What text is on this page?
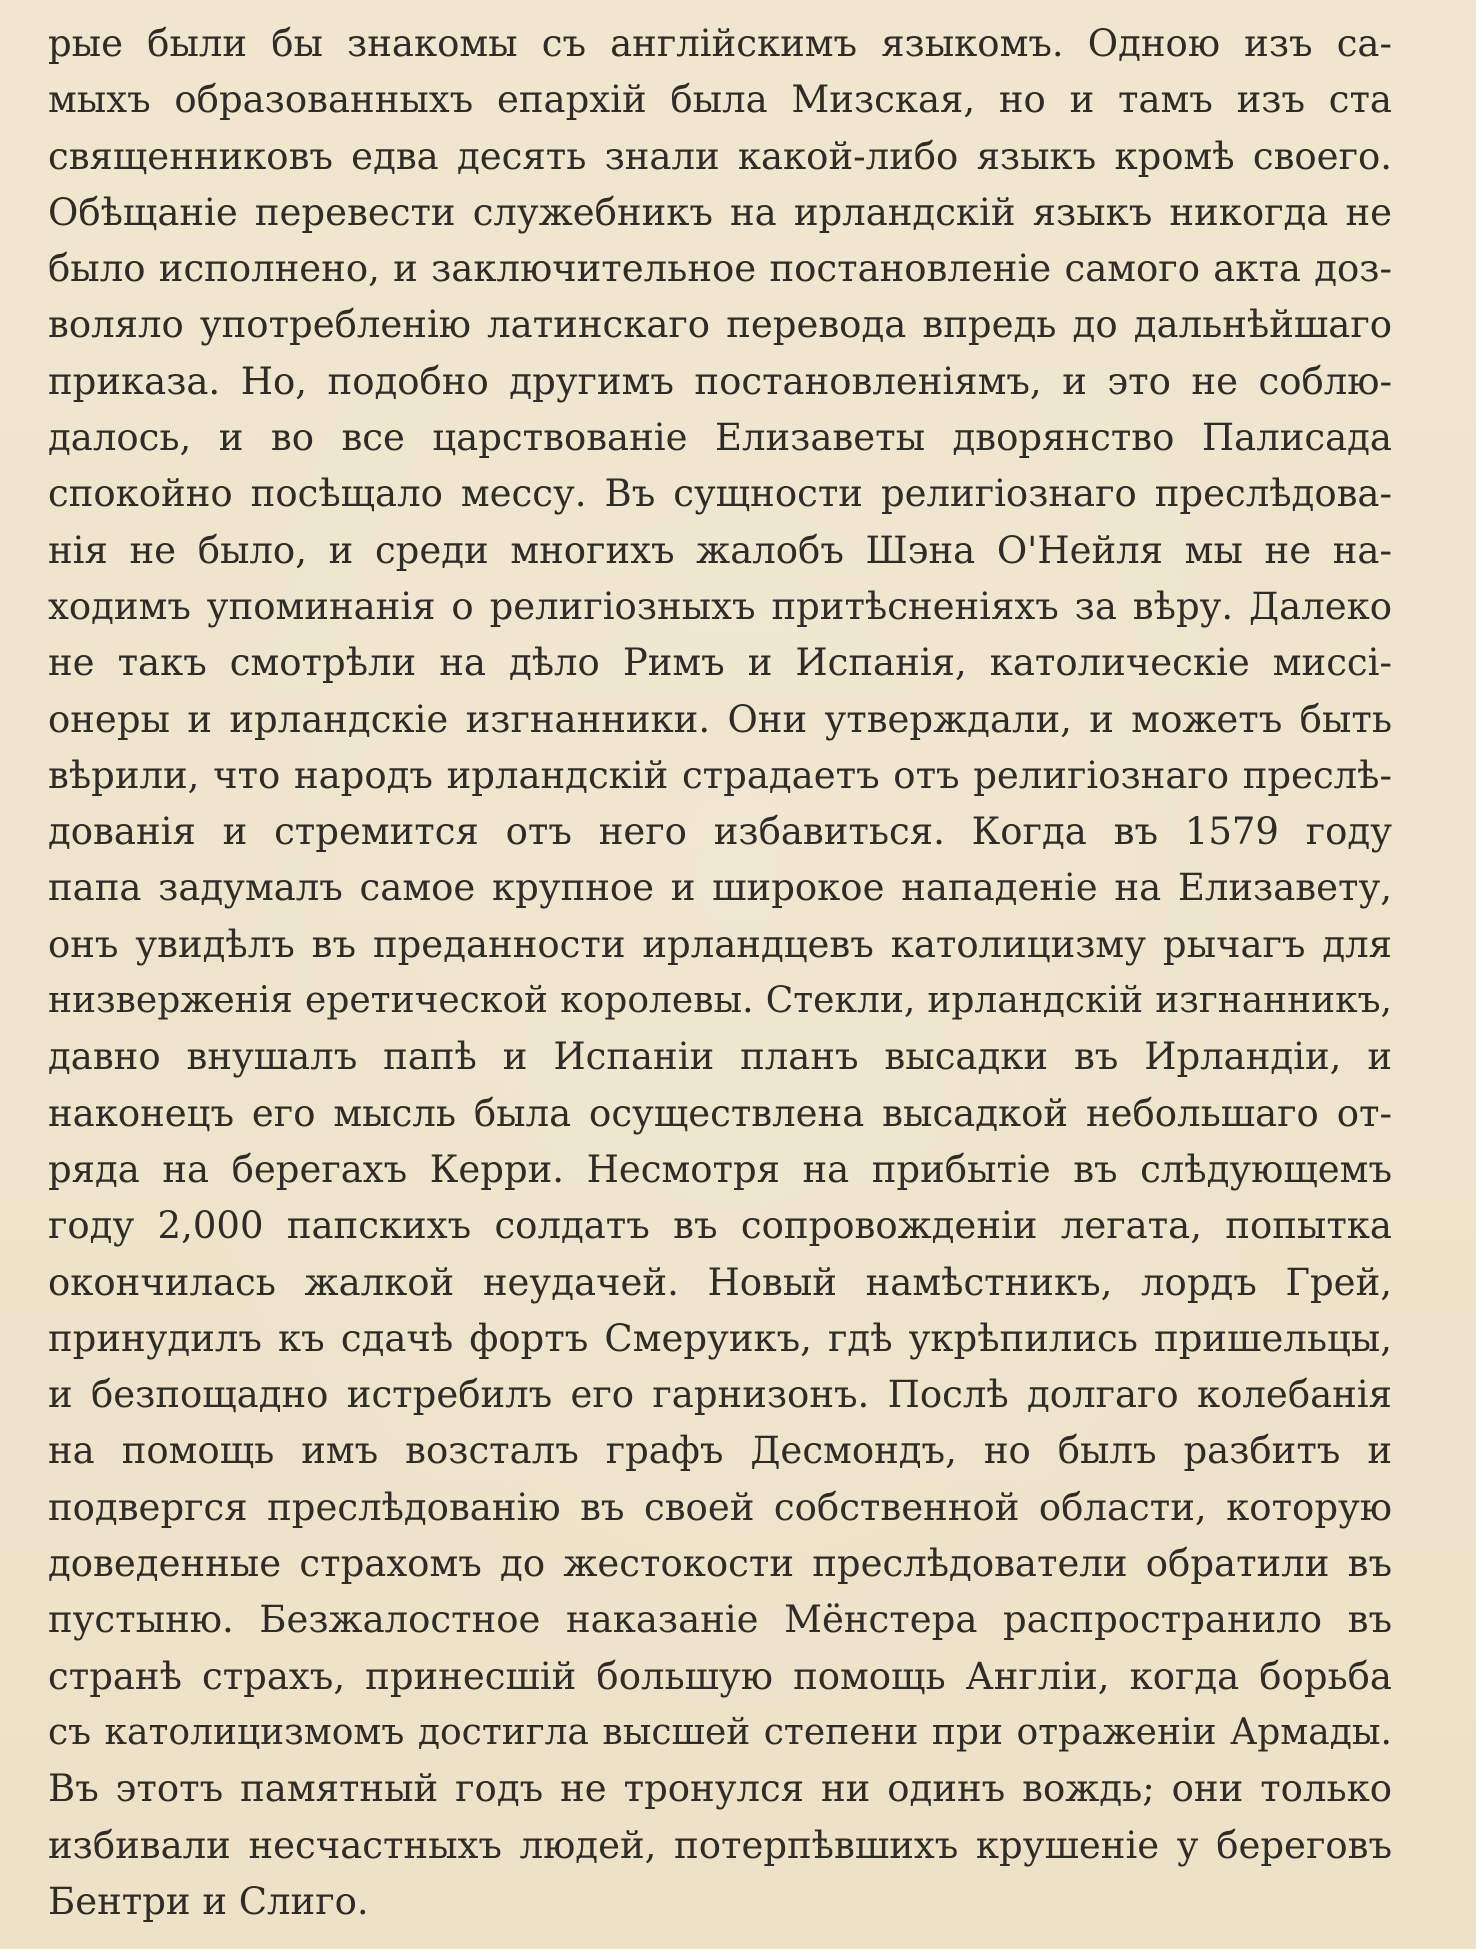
рые были бы знакомы съ англійскимъ языкомъ. Одною изъ са-
мыхъ образованныхъ епархій была Мизская, но и тамъ изъ ста
священниковъ едва десять знали какой-либо языкъ кромѣ своего.
Обѣщаніе перевести служебникъ на ирландскій языкъ никогда не
было исполнено, и заключительное постановленіе самого акта доз-
воляло употребленію латинскаго перевода впредь до дальнѣйшаго
приказа. Но, подобно другимъ постановленіямъ, и это не соблю-
далось, и во все царствованіе Елизаветы дворянство Палисада
спокойно посѣщало мессу. Въ сущности религіознаго преслѣдова-
нія не было, и среди многихъ жалобъ Шэна О'Нейля мы не на-
ходимъ упоминанія о религіозныхъ притѣсненіяхъ за вѣру. Далеко
не такъ смотрѣли на дѣло Римъ и Испанія, католическіе миссі-
онеры и ирландскіе изгнанники. Они утверждали, и можетъ быть
вѣрили, что народъ ирландскій страдаетъ отъ религіознаго преслѣ-
дованія и стремится отъ него избавиться. Когда въ 1579 году
папа задумалъ самое крупное и широкое нападеніе на Елизавету,
онъ увидѣлъ въ преданности ирландцевъ католицизму рычагъ для
низверженія еретической королевы. Стекли, ирландскій изгнанникъ,
давно внушалъ папѣ и Испаніи планъ высадки въ Ирландіи, и
наконецъ его мысль была осуществлена высадкой небольшаго от-
ряда на берегахъ Керри. Несмотря на прибытіе въ слѣдующемъ
году 2,000 папскихъ солдатъ въ сопровожденіи легата, попытка
окончилась жалкой неудачей. Новый намѣстникъ, лордъ Грей,
принудилъ къ сдачѣ фортъ Смеруикъ, гдѣ укрѣпились пришельцы,
и безпощадно истребилъ его гарнизонъ. Послѣ долгаго колебанія
на помощь имъ возсталъ графъ Десмондъ, но былъ разбитъ и
подвергся преслѣдованію въ своей собственной области, которую
доведенные страхомъ до жестокости преслѣдователи обратили въ
пустыню. Безжалостное наказаніе Мёнстера распространило въ
странѣ страхъ, принесшій большую помощь Англіи, когда борьба
съ католицизмомъ достигла высшей степени при отраженіи Армады.
Въ этотъ памятный годъ не тронулся ни одинъ вождь; они только
избивали несчастныхъ людей, потерпѣвшихъ крушеніе у береговъ
Бентри и Слиго.
